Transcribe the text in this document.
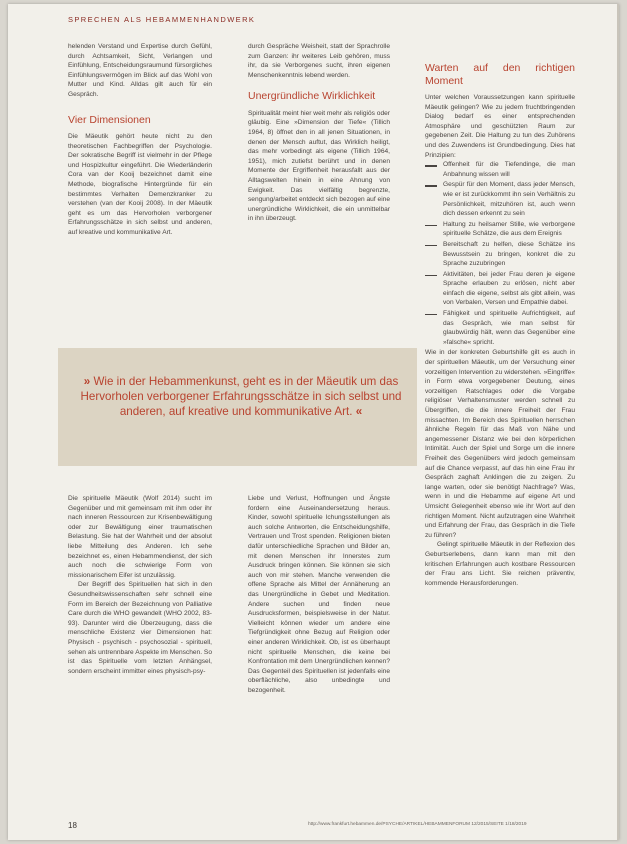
SPRECHEN ALS HEBAMMENHANDWERK

helenden Verstand und Expertise durch Gefühl, durch Achtsamkeit, Sicht, Verlangen und Einfühlung, Entscheidungsraumund fürsorgliches Einfühlungsvermögen im Blick auf das Wohl von Mutter und Kind. Alldas gilt auch für ein Gespräch.

Vier Dimensionen

Die Mäeutik gehört heute nicht zu den theoretischen Fachbegriffen der Psychologie. Der sokratische Begriff ist vielmehr in der Pflege und Hospizkultur eingeführt. Die Wiederländerin Cora van der Kooij bezeichnet damit eine Methode, biografische Hintergründe für ein bestimmtes Verhalten Demenzkranker zu verstehen (van der Kooij 2008). In der Mäeutik geht es um das Hervorholen verborgener Erfahrungsschätze in sich selbst und anderen, auf kreative und kommunikative Art.

durch Gespräche Weisheit, statt der Sprachrolle zum Ganzen: ihr weiteres Leib gehören, muss ihr, da sie Verborgenes sucht, ihren eigenen Menschenkenntnis lebend werden.

Unergründliche Wirklichkeit

Spiritualität meint hier weit mehr als religiös oder gläubig. Eine »Dimension der Tiefe« (Tillich 1964, 8) öffnet den in all jenen Situationen, in denen der Mensch auftut, das Wirklich heiligt, das mehr vorbedingt als eigene (Tillich 1964, 1951), mich zutiefst berührt und in denen Momente der Ergriffenheit herausfallt aus der Alltagswelten hinein in eine Ahnung von Ewigkeit. Das vielfältig begrenzte, sengung/arbeitet entdeckt sich bezogen auf eine unergründliche Wirklichkeit, die ein unmittelbar in ihn überzeugt.

Warten auf den richtigen Moment

Unter welchen Voraussetzungen kann spirituelle Mäeutik gelingen? Wie zu jedem fruchtbringenden Dialog bedarf es einer entsprechenden Atmosphäre und geschützten Raum zur gegebenen Zeit. Die Haltung zu tun des Zuhörens und des Zuwendens ist Grundbedingung. Dies hat Prinzipien:

Offenheit für die Tiefendinge, die man Anbahnung wissen will
Gespür für den Moment, dass jeder Mensch, wie er ist zurückkommt ihn sein Verhältnis zu Persönlichkeit, mitzuhören ist, auch wenn dich dessen erkennt zu sein
Haltung zu heilsamer Stille, wie verborgene spirituelle Schätze, die aus dem Ereignis
Bereitschaft zu helfen, diese Schätze ins Bewusstsein zu bringen, konkret die zu Sprache zuzubringen
Aktivitäten, bei jeder Frau deren je eigene Sprache erlauben zu erlösen, nicht aber einfach die eigene, selbst als gibt allein, was von Verbalen, Versen und Empathie dabei.
Fähigkeit und spirituelle Aufrichtigkeit, auf das Gespräch, wie man selbst für glaubwürdig hält, wenn das Gegenüber eine »falsche« spricht.

Wie in der konkreten Geburtshilfe gilt es auch in der spirituellen Mäeutik, um der Versuchung einer vorzeitigen Intervention zu widerstehen. »Eingriffe« in Form etwa vorgegebener Deutung, eines vorzeitigen Ratschlages oder die Vorgabe religiöser Verhaltensmuster werden schnell zu Übergriffen, die die innere Freiheit der Frau missachten. Im Bereich des Spirituellen herrschen ähnliche Regeln für das Maß von Nähe und angemessener Distanz wie bei den körperlichen Intimität. Auch der Spiel und Sorge um die innere Freiheit des Gegenübers wird jedoch gemeinsam auf die Chance verpasst, auf das hin eine Frau ihr Gespräch zaghaft Anklingen die zu zeigen. Zu lange warten, oder sie benötigt Nachfrage? Was, wenn in und die Hebamme auf eigene Art und Umsicht Gelegenheit ebenso wie ihr Wort auf den richtigen Moment. Nicht aufzutragen eine Wahrheit und Erfahrung der Frau, das Gespräch in die Tiefe zu führen?

Gelingt spirituelle Mäeutik in der Reflexion des Geburtserlebens, dann kann man mit den kritischen Erfahrungen auch kostbare Ressourcen der Frau ans Licht. Sie reichen präventiv, kommende Herausforderungen.

» Wie in der Hebammenkunst, geht es in der Mäeutik um das Hervorholen verborgener Erfahrungsschätze in sich selbst und anderen, auf kreative und kommunikative Art. «

Die spirituelle Mäeutik (Wolf 2014) sucht im Gegenüber und mit gemeinsam mit ihm oder ihr nach inneren Ressourcen zur Krisenbewältigung oder zur Bewältigung einer traumatischen Belastung. Sie hat der Wahrheit und der absolut liebe Mitteilung des Anderen. Ich sehe bezeichnet es, einen Hebammendienst, der sich auch noch die schwierige Form von missionarischem Eifer ist unzulässig.

Der Begriff des Spirituellen hat sich in den Gesundheitswissenschaften sehr schnell eine Form im Bereich der Bezeichnung von Palliative Care durch die WHO gewandelt (WHO 2002, 83-93). Darunter wird die Überzeugung, dass die menschliche Existenz vier Dimensionen hat: Physisch - psychisch - psychosozial - spirituell, sehen als untrennbare Aspekte im Menschen. So ist das Spirituelle vom letzten Anhängsel, sondern erscheint immitter eines physisch-psy-

Liebe und Verlust, Hoffnungen und Ängste fordern eine Auseinandersetzung heraus. Kinder, sowohl spirituelle Ichungsstellungen als auch solche Antworten, die Entscheidungshilfe, Vertrauen und Trost spenden. Religionen bieten dafür unterschiedliche Sprachen und Bilder an, mit denen Menschen ihr Innerstes zum Ausdruck bringen können. Sie können sie sich auch von mir stehen. Manche verwenden die offene Sprache als Mittel der Annäherung an das Unergründliche in Gebet und Meditation. Andere suchen und finden neue Ausdrucksformen, beispielsweise in der Natur. Vielleicht können wieder um andere eine Tiefgründigkeit ohne Bezug auf Religion oder einer anderen Wirklichkeit. Ob, ist es überhaupt nicht spirituelle Menschen, die keine bei Konfrontation mit dem Unergründlichen kennen? Das Gegenteil des Spirituellen ist jedenfalls eine oberflächliche, also unbedingte und bezogenheit.

18	http://www.frankfurt.hebammen.de/PSYCHE/ARTIKEL/HEBAMMENFORUM 12/2015/SEITE 1/18/2019
